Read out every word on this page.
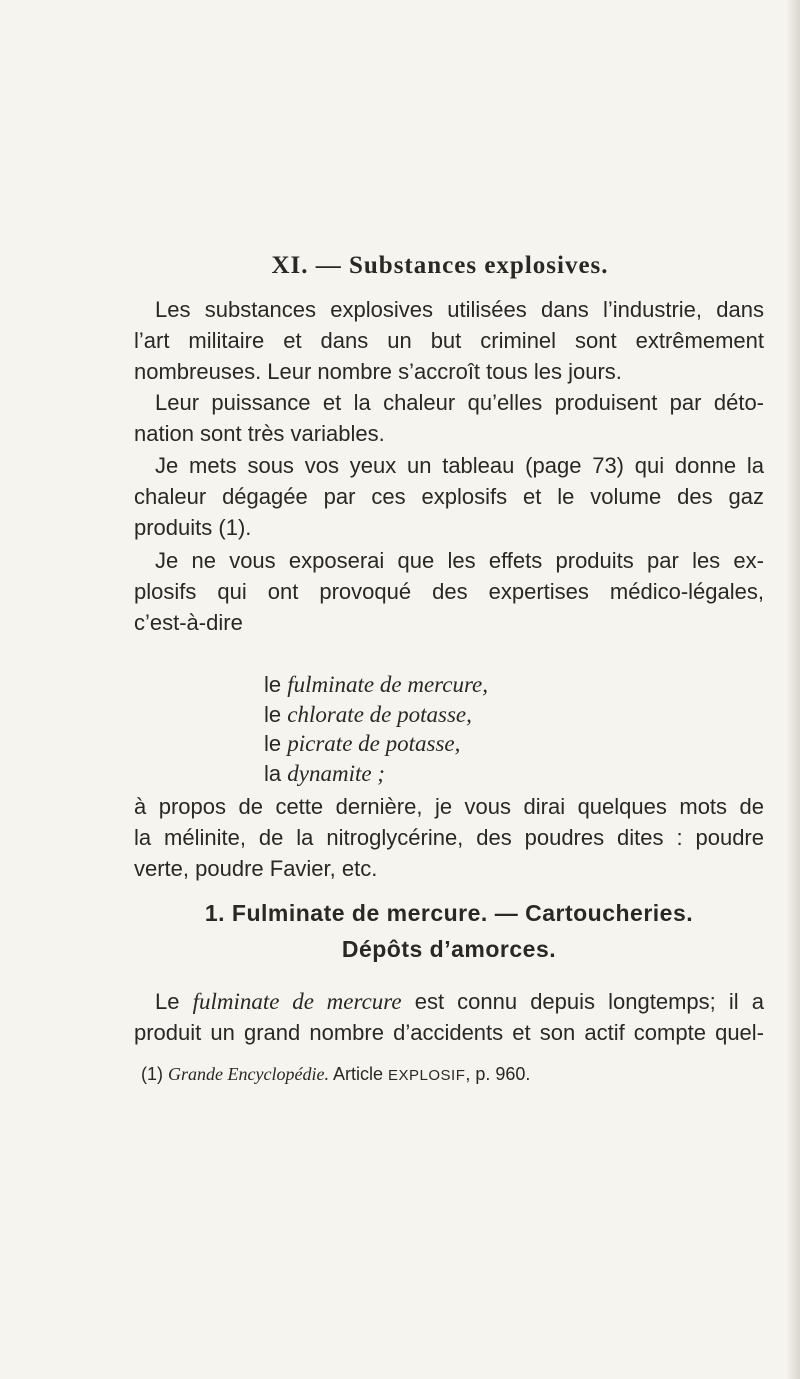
XI. — Substances explosives.
Les substances explosives utilisées dans l’industrie, dans
l’art militaire et dans un but criminel sont extrêmement
nombreuses. Leur nombre s’accroît tous les jours.
Leur puissance et la chaleur qu’elles produisent par déto-
nation sont très variables.
Je mets sous vos yeux un tableau (page 73) qui donne la
chaleur dégagée par ces explosifs et le volume des gaz
produits (1).
Je ne vous exposerai que les effets produits par les ex-
plosifs qui ont provoqué des expertises médico-légales,
c’est-à-dire
le fulminate de mercure,
le chlorate de potasse,
le picrate de potasse,
la dynamite ;
à propos de cette dernière, je vous dirai quelques mots de
la mélinite, de la nitroglycérine, des poudres dites : poudre
verte, poudre Favier, etc.
1. Fulminate de mercure. — Cartoucheries.
Dépôts d’amorces.
Le fulminate de mercure est connu depuis longtemps; il a
produit un grand nombre d’accidents et son actif compte quel-
(1) Grande Encyclopédie. Article EXPLOSIF, p. 960.
